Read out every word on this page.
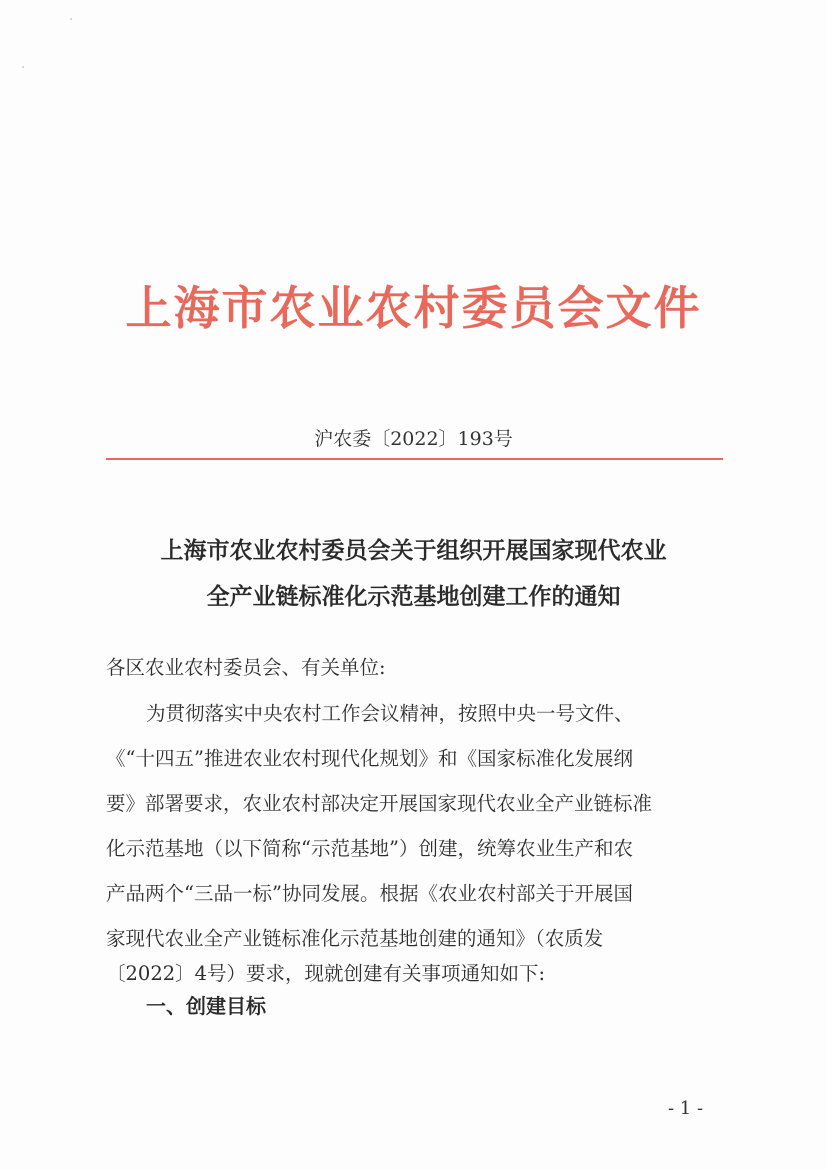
上海市农业农村委员会文件
沪农委〔2022〕193号
上海市农业农村委员会关于组织开展国家现代农业
全产业链标准化示范基地创建工作的通知
各区农业农村委员会、有关单位:
为贯彻落实中央农村工作会议精神，按照中央一号文件、
《“十四五”推进农业农村现代化规划》和《国家标准化发展纲
要》部署要求，农业农村部决定开展国家现代农业全产业链标准
化示范基地（以下简称“示范基地”）创建，统筹农业生产和农
产品两个“三品一标”协同发展。根据《农业农村部关于开展国
家现代农业全产业链标准化示范基地创建的通知》（农质发
〔2022〕4号）要求，现就创建有关事项通知如下:
一、创建目标
- 1 -
